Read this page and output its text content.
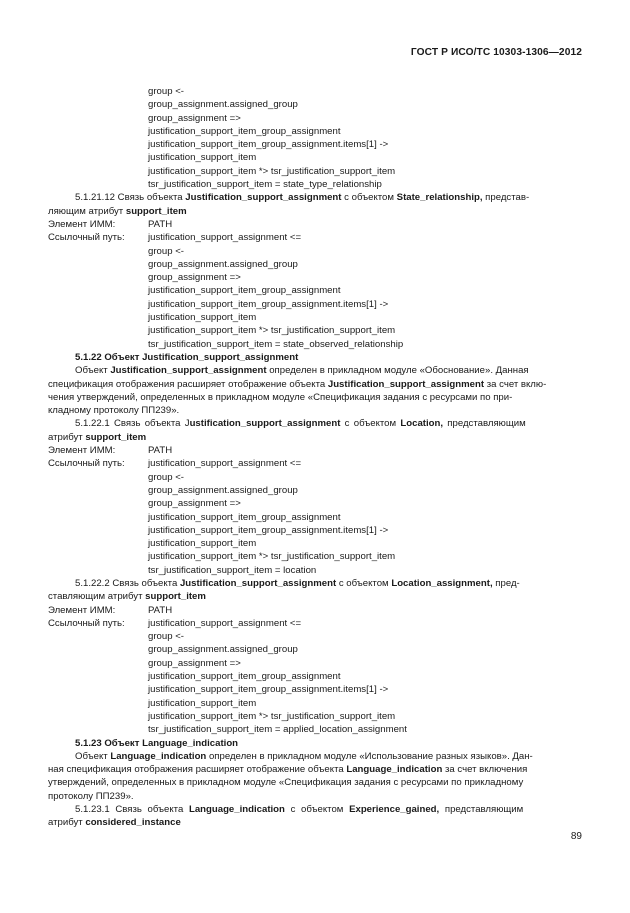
ГОСТ Р ИСО/ТС 10303-1306—2012
group <-
group_assignment.assigned_group
group_assignment =>
justification_support_item_group_assignment
justification_support_item_group_assignment.items[1] ->
justification_support_item
justification_support_item *> tsr_justification_support_item
tsr_justification_support_item = state_type_relationship
5.1.21.12 Связь объекта Justification_support_assignment с объектом State_relationship, представ-
ляющим атрибут support_item
Элемент ИММ:	PATH
Ссылочный путь:	justification_support_assignment <=
group <-
group_assignment.assigned_group
group_assignment =>
justification_support_item_group_assignment
justification_support_item_group_assignment.items[1] ->
justification_support_item
justification_support_item *> tsr_justification_support_item
tsr_justification_support_item = state_observed_relationship
5.1.22 Объект Justification_support_assignment
Объект Justification_support_assignment определен в прикладном модуле «Обоснование». Данная
спецификация отображения расширяет отображение объекта Justification_support_assignment за счет вклю-
чения утверждений, определенных в прикладном модуле «Спецификация задания с ресурсами по при-
кладному протоколу ПП239».
5.1.22.1 Связь объекта Justification_support_assignment с объектом Location, представляющим
атрибут support_item
Элемент ИММ:	PATH
Ссылочный путь:	justification_support_assignment <=
group <-
group_assignment.assigned_group
group_assignment =>
justification_support_item_group_assignment
justification_support_item_group_assignment.items[1] ->
justification_support_item
justification_support_item *> tsr_justification_support_item
tsr_justification_support_item = location
5.1.22.2 Связь объекта Justification_support_assignment с объектом Location_assignment, пред-
ставляющим атрибут support_item
Элемент ИММ:	PATH
Ссылочный путь:	justification_support_assignment <=
group <-
group_assignment.assigned_group
group_assignment =>
justification_support_item_group_assignment
justification_support_item_group_assignment.items[1] ->
justification_support_item
justification_support_item *> tsr_justification_support_item
tsr_justification_support_item = applied_location_assignment
5.1.23 Объект Language_indication
Объект Language_indication определен в прикладном модуле «Использование разных языков». Дан-
ная спецификация отображения расширяет отображение объекта Language_indication за счет включения
утверждений, определенных в прикладном модуле «Спецификация задания с ресурсами по прикладному
протоколу ПП239».
5.1.23.1 Связь объекта Language_indication с объектом Experience_gained, представляющим
атрибут considered_instance
89
